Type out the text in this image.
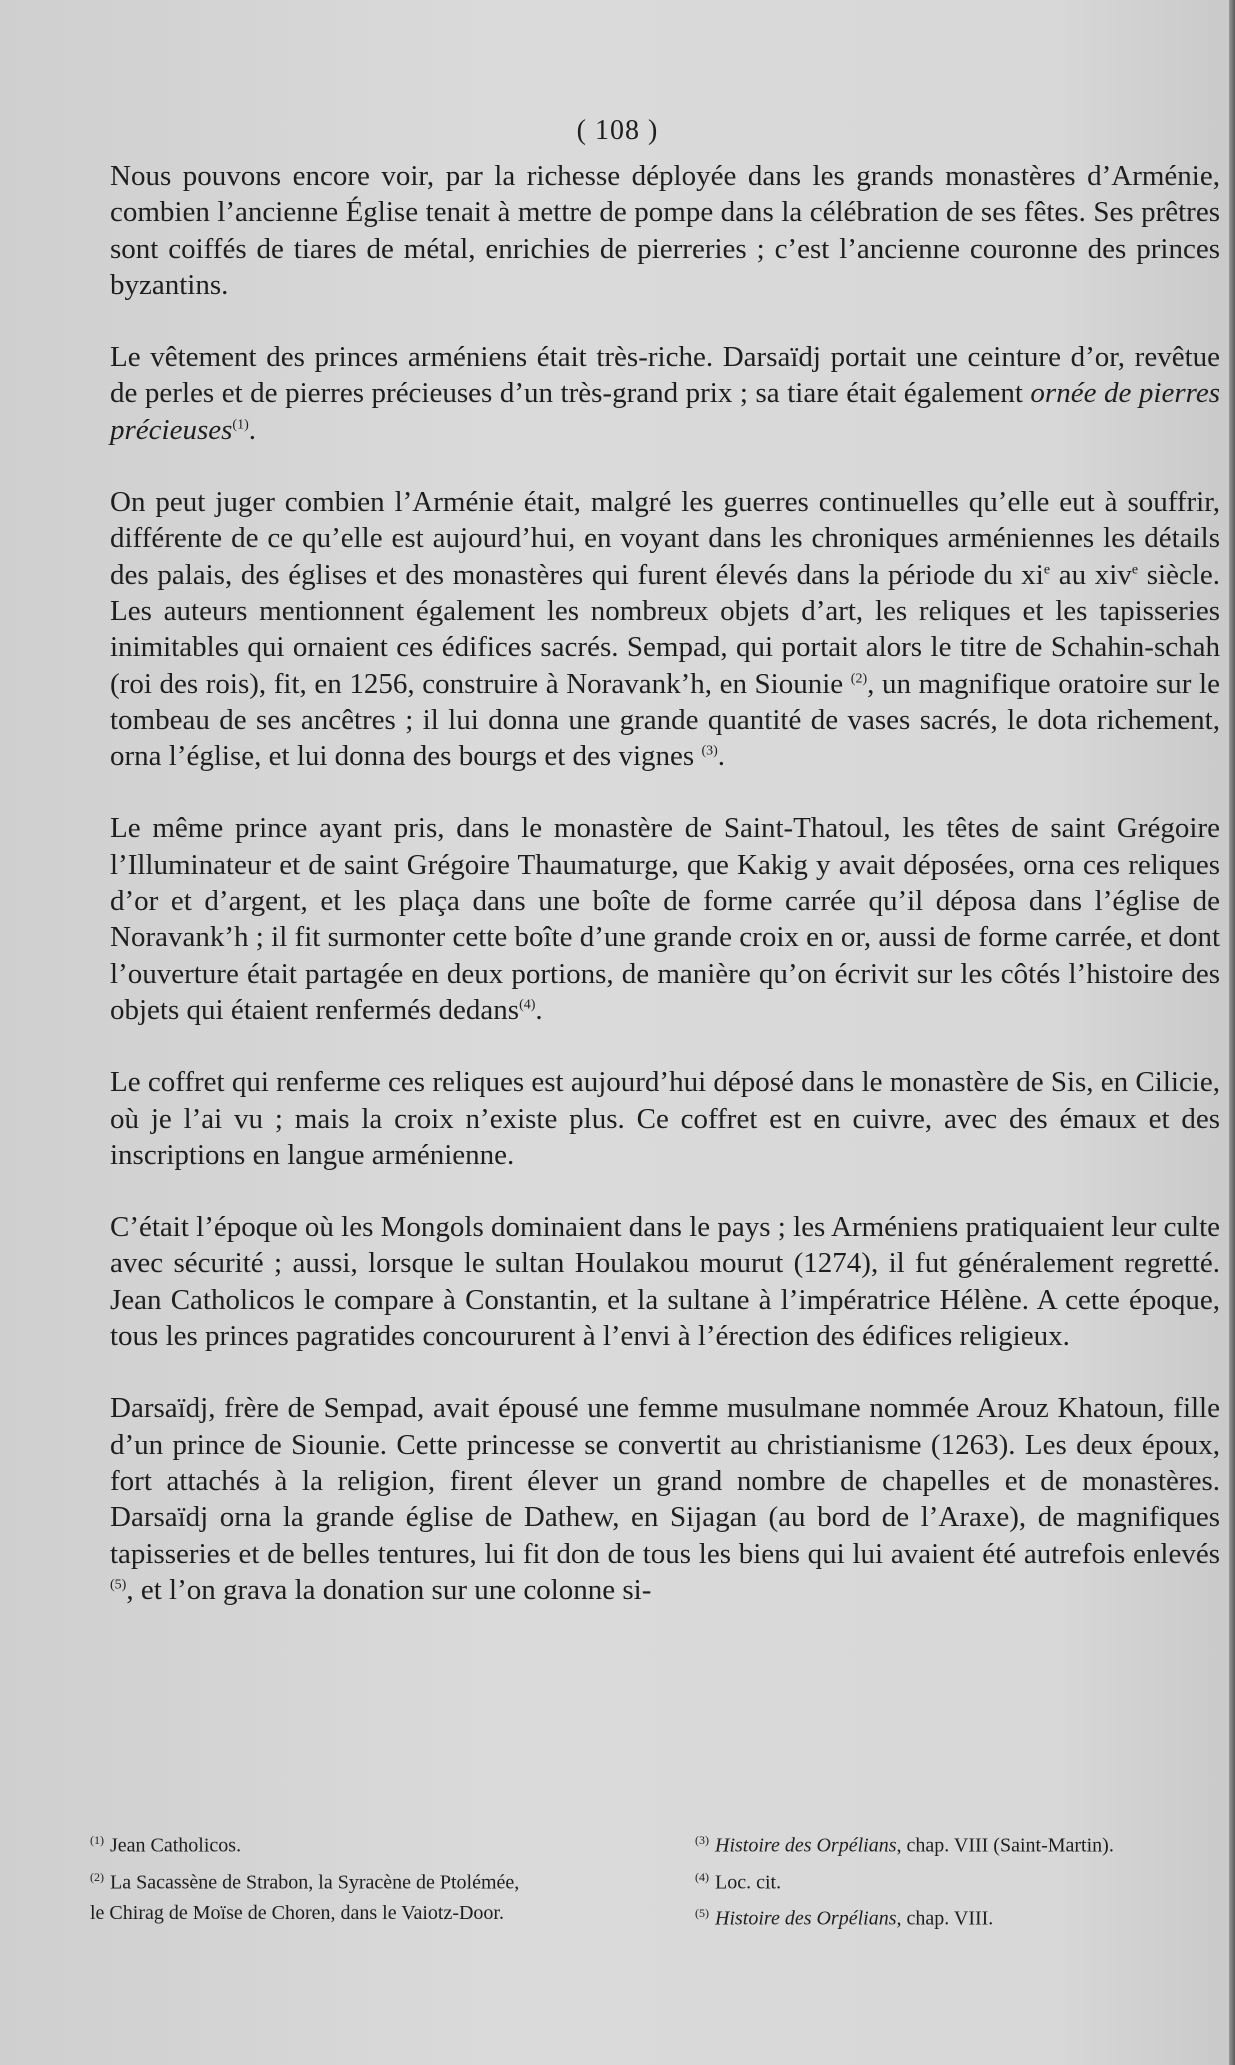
( 108 )

Nous pouvons encore voir, par la richesse déployée dans les grands monastères d’Arménie, combien l’ancienne Église tenait à mettre de pompe dans la célébration de ses fêtes. Ses prêtres sont coiffés de tiares de métal, enrichies de pierreries ; c’est l’ancienne couronne des princes byzantins.

Le vêtement des princes arméniens était très-riche. Darsaïdj portait une ceinture d’or, revêtue de perles et de pierres précieuses d’un très-grand prix ; sa tiare était également ornée de pierres précieuses$^{(1)}$.

On peut juger combien l’Arménie était, malgré les guerres continuelles qu’elle eut à souffrir, différente de ce qu’elle est aujourd’hui, en voyant dans les chroniques arméniennes les détails des palais, des églises et des monastères qui furent élevés dans la période du $xi^e$ au xiv$^e$ siècle. Les auteurs mentionnent également les nombreux objets d’art, les reliques et les tapisseries inimitables qui ornaient ces édifices sacrés. Sempad, qui portait alors le titre de Schahin-schah (roi des rois), fit, en 1256, construire à Noravank’h, en Siounie $^{(2)}$, un magnifique oratoire sur le tombeau de ses ancêtres ; il lui donna une grande quantité de vases sacrés, le dota richement, orna l’église, et lui donna des bourgs et des vignes $^{(3)}$.

Le même prince ayant pris, dans le monastère de Saint-Thatoul, les têtes de saint Grégoire l’Illuminateur et de saint Grégoire Thaumaturge, que Kakig y avait déposées, orna ces reliques d’or et d’argent, et les plaça dans une boîte de forme carrée qu’il déposa dans l’église de Noravank’h ; il fit surmonter cette boîte d’une grande croix en or, aussi de forme carrée, et dont l’ouverture était partagée en deux portions, de manière qu’on écrivit sur les côtés l’histoire des objets qui étaient renfermés dedans$^{(4)}$.

Le coffret qui renferme ces reliques est aujourd’hui déposé dans le monastère de Sis, en Cilicie, où je l’ai vu ; mais la croix n’existe plus. Ce coffret est en cuivre, avec des émaux et des inscriptions en langue arménienne.

C’était l’époque où les Mongols dominaient dans le pays ; les Arméniens pratiquaient leur culte avec sécurité ; aussi, lorsque le sultan Houlakou mourut (1274), il fut généralement regretté. Jean Catholicos le compare à Constantin, et la sultane à l’impératrice Hélène. A cette époque, tous les princes pagratides concoururent à l’envi à l’érection des édifices religieux.

Darsaïdj, frère de Sempad, avait épousé une femme musulmane nommée Arouz Khatoun, fille d’un prince de Siounie. Cette princesse se convertit au christianisme (1263). Les deux époux, fort attachés à la religion, firent élever un grand nombre de chapelles et de monastères. Darsaïdj orna la grande église de Dathew, en Sijagan (au bord de l’Araxe), de magnifiques tapisseries et de belles tentures, lui fit don de tous les biens qui lui avaient été autrefois enlevés $^{(5)}$, et l’on grava la donation sur une colonne si-

$^{(1)}$ Jean Catholicos.

$^{(2)}$ La Sacassène de Strabon, la Syracène de Ptolémée,

le Chirag de Moïse de Choren, dans le Vaiotz-Door.

$^{(3)}$ Histoire des Orpélians, chap. VIII (Saint-Martin).

$^{(4)}$ Loc. cit.

$^{(5)}$ Histoire des Orpélians, chap. VIII.
